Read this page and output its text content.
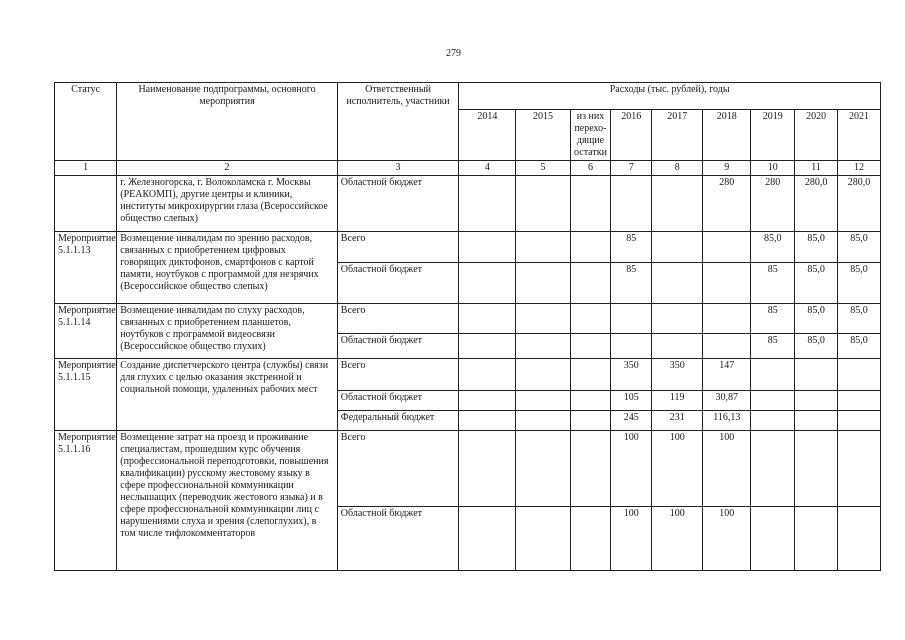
279
Статус	Наименование подпрограммы, основного мероприятия	Ответственный исполнитель, участники	Расходы (тыс. рублей), годы								
			2014	2015	из них перехо-дящие остатки	2016	2017	2018	2019	2020	2021
1	2	3	4	5	6	7	8	9	10	11	12
	г. Железногорска, г. Волоколамска г. Москвы (РЕАКОМП), другие центры и клиники, институты микрохирургии глаза (Всероссийское общество слепых)	Областной бюджет						280	280	280,0	280,0
Мероприятие 5.1.1.13	Возмещение инвалидам по зрению расходов, связанных с приобретением цифровых говорящих диктофонов, смартфонов с картой памяти, ноутбуков с программой для незрячих (Всероссийское общество слепых)	Всего				85			85,0	85,0	85,0
		Областной бюджет				85			85	85,0	85,0
Мероприятие 5.1.1.14	Возмещение инвалидам по слуху расходов, связанных с приобретением планшетов, ноутбуков с программой видеосвязи (Всероссийское общество глухих)	Всего							85	85,0	85,0
		Областной бюджет							85	85,0	85,0
Мероприятие 5.1.1.15	Создание диспетчерского центра (службы) связи для глухих с целью оказания экстренной и социальной помощи, удаленных рабочих мест	Всего				350	350	147			
		Областной бюджет				105	119	30,87			
		Федеральный бюджет				245	231	116,13			
Мероприятие 5.1.1.16	Возмещение затрат на проезд и проживание специалистам, прошедшим курс обучения (профессиональной переподготовки, повышения квалификации) русскому жестовому языку в сфере профессиональной коммуникации неслышащих (переводчик жестового языка) и в сфере профессиональной коммуникации лиц с нарушениями слуха и зрения (слепоглухих), в том числе тифлокомментаторов	Всего				100	100	100			
		Областной бюджет				100	100	100			
